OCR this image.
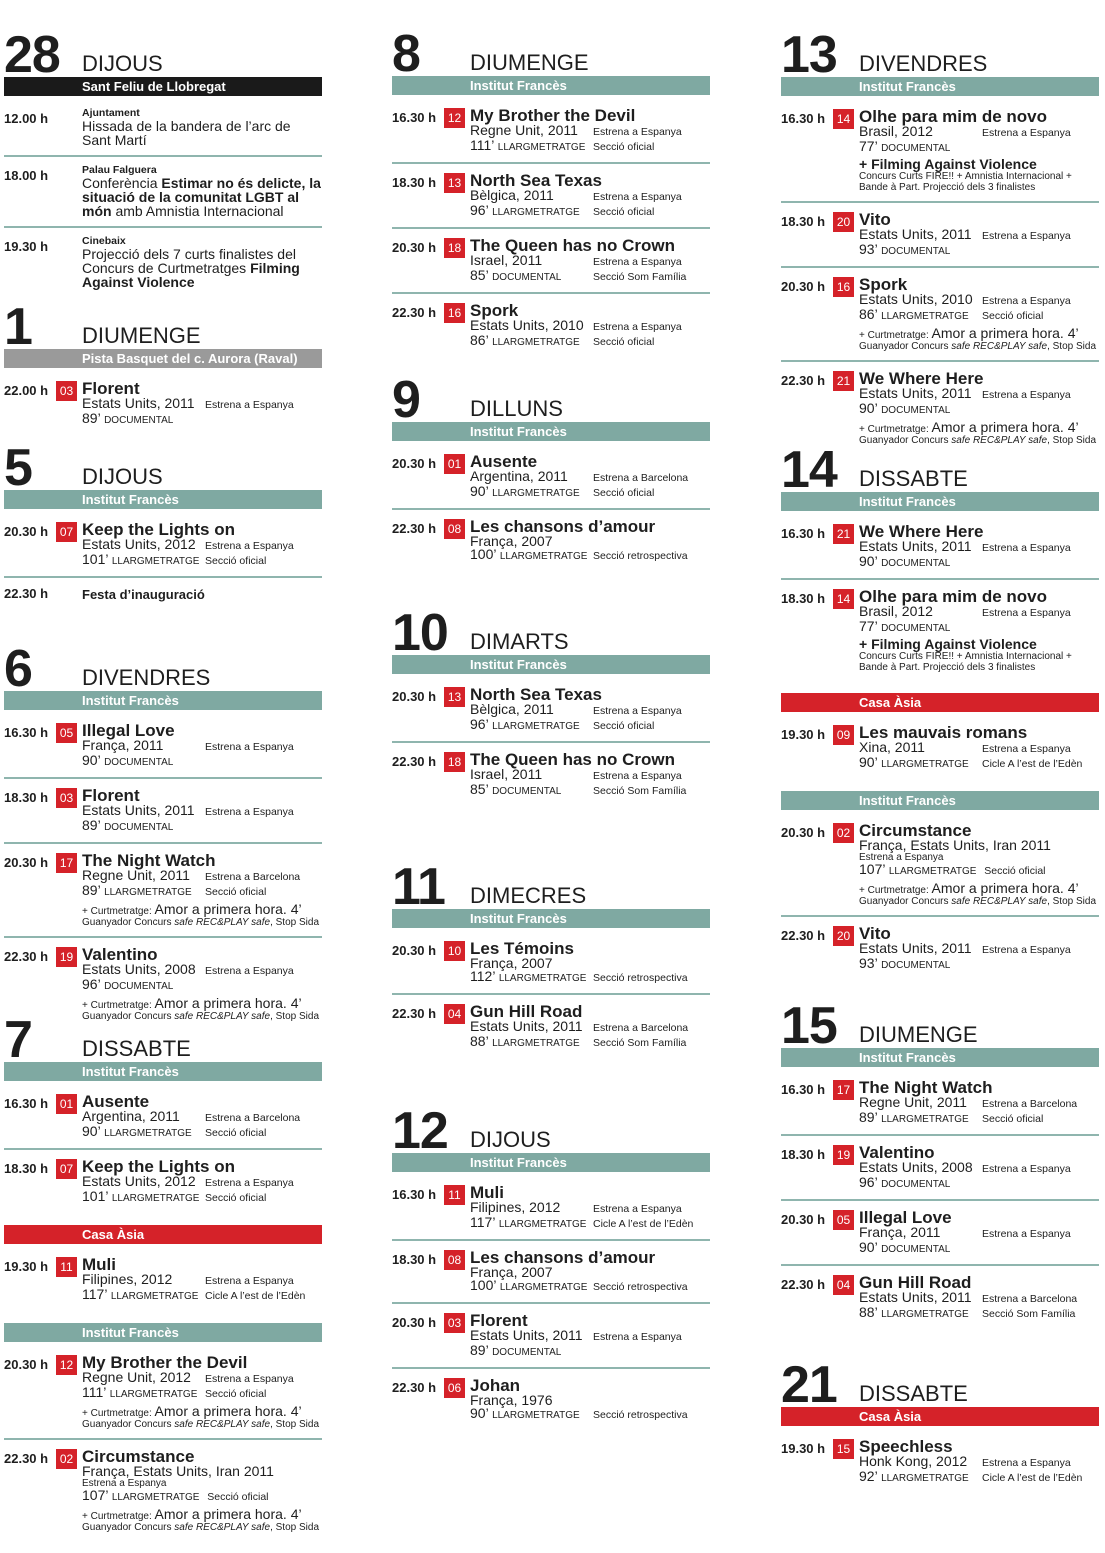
28 DIJOUS
Sant Feliu de Llobregat
12.00 h	Ajuntament
Hissada de la bandera de l’arc de Sant Martí
18.00 h	Palau Falguera
Conferència Estimar no és delicte, la situació de la comunitat LGBT al món amb Amnistia Internacional
19.30 h	Cinebaix
Projecció dels 7 curts finalistes del Concurs de Curtmetratges Filming Against Violence
1 DIUMENGE
Pista Basquet del c. Aurora (Raval)
22.00 h 03 Florent
Estats Units, 2011 Estrena a Espanya
89’ DOCUMENTAL
5 DIJOUS
Institut Francès
20.30 h 07 Keep the Lights on
Estats Units, 2012 Estrena a Espanya
101’ LLARGMETRATGE Secció oficial
22.30 h	Festa d’inauguració
6 DIVENDRES
Institut Francès
16.30 h 05 Illegal Love
França, 2011	Estrena a Espanya
90’ DOCUMENTAL
18.30 h 03 Florent
Estats Units, 2011 Estrena a Espanya
89’ DOCUMENTAL
20.30 h 17 The Night Watch
Regne Unit, 2011	Estrena a Barcelona
89’ LLARGMETRATGE	Secció oficial
+ Curtmetratge: Amor a primera hora. 4’
Guanyador Concurs safe REC&PLAY safe, Stop Sida
22.30 h 19 Valentino
Estats Units, 2008 Estrena a Espanya
96’ DOCUMENTAL
+ Curtmetratge: Amor a primera hora. 4’
Guanyador Concurs safe REC&PLAY safe, Stop Sida
7 DISSABTE
Institut Francès
16.30 h 01 Ausente
Argentina, 2011	Estrena a Barcelona
90’ LLARGMETRATGE	Secció oficial
18.30 h 07 Keep the Lights on
Estats Units, 2012 Estrena a Espanya
101’ LLARGMETRATGE Secció oficial
Casa Àsia
19.30 h	11 Muli
Filipines, 2012	Estrena a Espanya
117’ LLARGMETRATGE Cicle A l’est de l’Edèn
Institut Francès
20.30 h 12 My Brother the Devil
Regne Unit, 2012	Estrena a Espanya
111’ LLARGMETRATGE Secció oficial
+ Curtmetratge: Amor a primera hora. 4’
Guanyador Concurs safe REC&PLAY safe, Stop Sida
22.30 h 02 Circumstance
França, Estats Units, Iran 2011
Estrena a Espanya
107’ LLARGMETRATGE
Secció oficial
+ Curtmetratge: Amor a primera hora. 4’
Guanyador Concurs safe REC&PLAY safe, Stop Sida
8 DIUMENGE
Institut Francès
16.30 h 12 My Brother the Devil
Regne Unit, 2011	Estrena a Espanya
111’ LLARGMETRATGE Secció oficial
18.30 h 13 North Sea Texas
Bèlgica, 2011	Estrena a Espanya
96’ LLARGMETRATGE	Secció oficial
20.30 h 18 The Queen has no Crown
Israel, 2011	Estrena a Espanya
85’ DOCUMENTAL	Secció Som Família
22.30 h 16 Spork
Estats Units, 2010 Estrena a Espanya
86’ LLARGMETRATGE	Secció oficial
9 DILLUNS
Institut Francès
20.30 h 01 Ausente
Argentina, 2011	Estrena a Barcelona
90’ LLARGMETRATGE	Secció oficial
22.30 h 08 Les chansons d’amour
França, 2007
100’ LLARGMETRATGE Secció retrospectiva
10 DIMARTS
Institut Francès
20.30 h 13 North Sea Texas
Bèlgica, 2011	Estrena a Espanya
96’ LLARGMETRATGE	Secció oficial
22.30 h 18 The Queen has no Crown
Israel, 2011	Estrena a Espanya
85’ DOCUMENTAL	Secció Som Família
11 DIMECRES
Institut Francès
20.30 h 10 Les Témoins
França, 2007
112’ LLARGMETRATGE Secció retrospectiva
22.30 h 04 Gun Hill Road
Estats Units, 2011 Estrena a Barcelona
88’ LLARGMETRATGE	Secció Som Família
12 DIJOUS
Institut Francès
16.30 h	11 Muli
Filipines, 2012	Estrena a Espanya
117’ LLARGMETRATGE Cicle A l’est de l’Edèn
18.30 h 08 Les chansons d’amour
França, 2007
100’ LLARGMETRATGE Secció retrospectiva
20.30 h 03 Florent
Estats Units, 2011 Estrena a Espanya
89’ DOCUMENTAL
22.30 h 06 Johan
França, 1976
90’ LLARGMETRATGE	Secció retrospectiva
13 DIVENDRES
Institut Francès
16.30 h 14 Olhe para mim de novo
Brasil, 2012	Estrena a Espanya
77’ DOCUMENTAL
+ Filming Against Violence
Concurs Curts FIRE!! + Amnistia Internacional + Bande à Part. Projecció dels 3 finalistes
18.30 h 20 Vito
Estats Units, 2011 Estrena a Espanya
93’ DOCUMENTAL
20.30 h 16 Spork
Estats Units, 2010 Estrena a Espanya
86’ LLARGMETRATGE	Secció oficial
+ Curtmetratge: Amor a primera hora. 4’
Guanyador Concurs safe REC&PLAY safe, Stop Sida
22.30 h 21 We Where Here
Estats Units, 2011 Estrena a Espanya
90’ DOCUMENTAL
+ Curtmetratge: Amor a primera hora. 4’
Guanyador Concurs safe REC&PLAY safe, Stop Sida
14 DISSABTE
Institut Francès
16.30 h 21 We Where Here
Estats Units, 2011 Estrena a Espanya
90’ DOCUMENTAL
18.30 h 14 Olhe para mim de novo
Brasil, 2012	Estrena a Espanya
77’ DOCUMENTAL
+ Filming Against Violence
Concurs Curts FIRE!! + Amnistia Internacional + Bande à Part. Projecció dels 3 finalistes
Casa Àsia
19.30 h 09 Les mauvais romans
Xina, 2011	Estrena a Espanya
90’ LLARGMETRATGE	Cicle A l’est de l’Edèn
Institut Francès
20.30 h 02 Circumstance
França, Estats Units, Iran 2011
Estrena a Espanya
107’ LLARGMETRATGE
Secció oficial
+ Curtmetratge: Amor a primera hora. 4’
Guanyador Concurs safe REC&PLAY safe, Stop Sida
22.30 h 20 Vito
Estats Units, 2011 Estrena a Espanya
93’ DOCUMENTAL
15 DIUMENGE
Institut Francès
16.30 h 17 The Night Watch
Regne Unit, 2011	Estrena a Barcelona
89’ LLARGMETRATGE	Secció oficial
18.30 h 19 Valentino
Estats Units, 2008 Estrena a Espanya
96’ DOCUMENTAL
20.30 h 05 Illegal Love
França, 2011	Estrena a Espanya
90’ DOCUMENTAL
22.30 h 04 Gun Hill Road
Estats Units, 2011 Estrena a Barcelona
88’ LLARGMETRATGE	Secció Som Família
21 DISSABTE
Casa Àsia
19.30 h 15 Speechless
Honk Kong, 2012	Estrena a Espanya
92’ LLARGMETRATGE	Cicle A l’est de l’Edèn
